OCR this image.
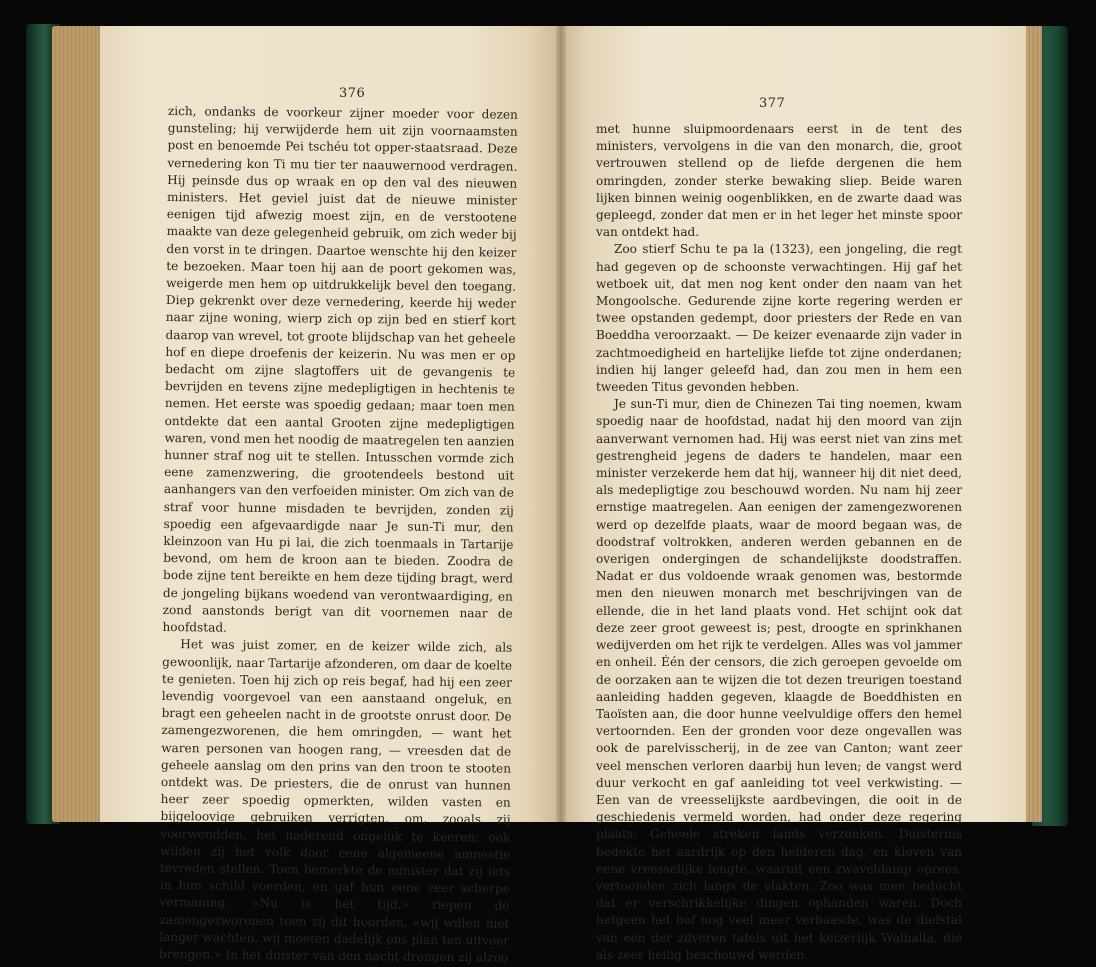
376
377

zich, ondanks de voorkeur zijner moeder voor dezen gunsteling; hij verwijderde hem uit zijn voornaamsten post en benoemde Pei tschéu tot opper-staatsraad. Deze vernedering kon Ti mu tier ter naauwernood verdragen. Hij peinsde dus op wraak en op den val des nieuwen ministers. Het geviel juist dat de nieuwe minister eenigen tijd afwezig moest zijn, en de verstootene maakte van deze gelegenheid gebruik, om zich weder bij den vorst in te dringen. Daartoe wenschte hij den keizer te bezoeken. Maar toen hij aan de poort gekomen was, weigerde men hem op uitdrukkelijk bevel den toegang. Diep gekrenkt over deze vernedering, keerde hij weder naar zijne woning, wierp zich op zijn bed en stierf kort daarop van wrevel, tot groote blijdschap van het geheele hof en diepe droefenis der keizerin. Nu was men er op bedacht om zijne slagtoffers uit de gevangenis te bevrijden en tevens zijne medepligtigen in hechtenis te nemen. Het eerste was spoedig gedaan; maar toen men ontdekte dat een aantal Grooten zijne medepligtigen waren, vond men het noodig de maatregelen ten aanzien hunner straf nog uit te stellen. Intusschen vormde zich eene zamenzwering, die grootendeels bestond uit aanhangers van den verfoeiden minister. Om zich van de straf voor hunne misdaden te bevrijden, zonden zij spoedig een afgevaardigde naar Je sun-Ti mur, den kleinzoon van Hu pi lai, die zich toenmaals in Tartarije bevond, om hem de kroon aan te bieden. Zoodra de bode zijne tent bereikte en hem deze tijding bragt, werd de jongeling bijkans woedend van verontwaardiging, en zond aanstonds berigt van dit voornemen naar de hoofdstad.

Het was juist zomer, en de keizer wilde zich, als gewoonlijk, naar Tartarije afzonderen, om daar de koelte te genieten. Toen hij zich op reis begaf, had hij een zeer levendig voorgevoel van een aanstaand ongeluk, en bragt een geheelen nacht in de grootste onrust door. De zamengezworenen, die hem omringden, — want het waren personen van hoogen rang, — vreesden dat de geheele aanslag om den prins van den troon te stooten ontdekt was. De priesters, die de onrust van hunnen heer zeer spoedig opmerkten, wilden vasten en bijgeloovige gebruiken verrigten, om, zooals zij voorwendden, het naderend ongeluk te keeren; ook wilden zij het volk door eene algemeene amnestie tevreden stellen. Toen bemerkte de minister dat zij iets in hun schild voerden, en gaf hun eene zeer scherpe vermaning. «Nu is het tijd,» riepen de zamengezworenen toen zij dit hoorden, «wij willen niet langer wachten, wij moeten dadelijk ons plan ten uitvoer brengen.» In het duister van den nacht drongen zij alzoo

met hunne sluipmoordenaars eerst in de tent des ministers, vervolgens in die van den monarch, die, groot vertrouwen stellend op de liefde dergenen die hem omringden, zonder sterke bewaking sliep. Beide waren lijken binnen weinig oogenblikken, en de zwarte daad was gepleegd, zonder dat men er in het leger het minste spoor van ontdekt had.

Zoo stierf Schu te pa la (1323), een jongeling, die regt had gegeven op de schoonste verwachtingen. Hij gaf het wetboek uit, dat men nog kent onder den naam van het Mongoolsche. Gedurende zijne korte regering werden er twee opstanden gedempt, door priesters der Rede en van Boeddha veroorzaakt. — De keizer evenaarde zijn vader in zachtmoedigheid en hartelijke liefde tot zijne onderdanen; indien hij langer geleefd had, dan zou men in hem een tweeden Titus gevonden hebben.

Je sun-Ti mur, dien de Chinezen Tai ting noemen, kwam spoedig naar de hoofdstad, nadat hij den moord van zijn aanverwant vernomen had. Hij was eerst niet van zins met gestrengheid jegens de daders te handelen, maar een minister verzekerde hem dat hij, wanneer hij dit niet deed, als medepligtige zou beschouwd worden. Nu nam hij zeer ernstige maatregelen. Aan eenigen der zamengezworenen werd op dezelfde plaats, waar de moord begaan was, de doodstraf voltrokken, anderen werden gebannen en de overigen ondergingen de schandelijkste doodstraffen. Nadat er dus voldoende wraak genomen was, bestormde men den nieuwen monarch met beschrijvingen van de ellende, die in het land plaats vond. Het schijnt ook dat deze zeer groot geweest is; pest, droogte en sprinkhanen wedijverden om het rijk te verdelgen. Alles was vol jammer en onheil. Één der censors, die zich geroepen gevoelde om de oorzaken aan te wijzen die tot dezen treurigen toestand aanleiding hadden gegeven, klaagde de Boeddhisten en Taoïsten aan, die door hunne veelvuldige offers den hemel vertoornden. Een der gronden voor deze ongevallen was ook de parelvisscherij, in de zee van Canton; want zeer veel menschen verloren daarbij hun leven; de vangst werd duur verkocht en gaf aanleiding tot veel verkwisting. — Een van de vreesselijkste aardbevingen, die ooit in de geschiedenis vermeld worden, had onder deze regering plaats. Geheele streken lands verzonken. Duisternis bedekte het aardrijk op den helderen dag, en kloven van eene vreesselijke lengte, waaruit een zwaveldamp oprees, vertoonden zich langs de vlakten. Zoo was men beducht dat er verschrikkelijke dingen ophanden waren. Doch hetgeen het hof nog veel meer verbaasde, was de diefstal van een der zilveren tafels uit het keizerlijk Walhalla, die als zeer heilig beschouwd werden.
